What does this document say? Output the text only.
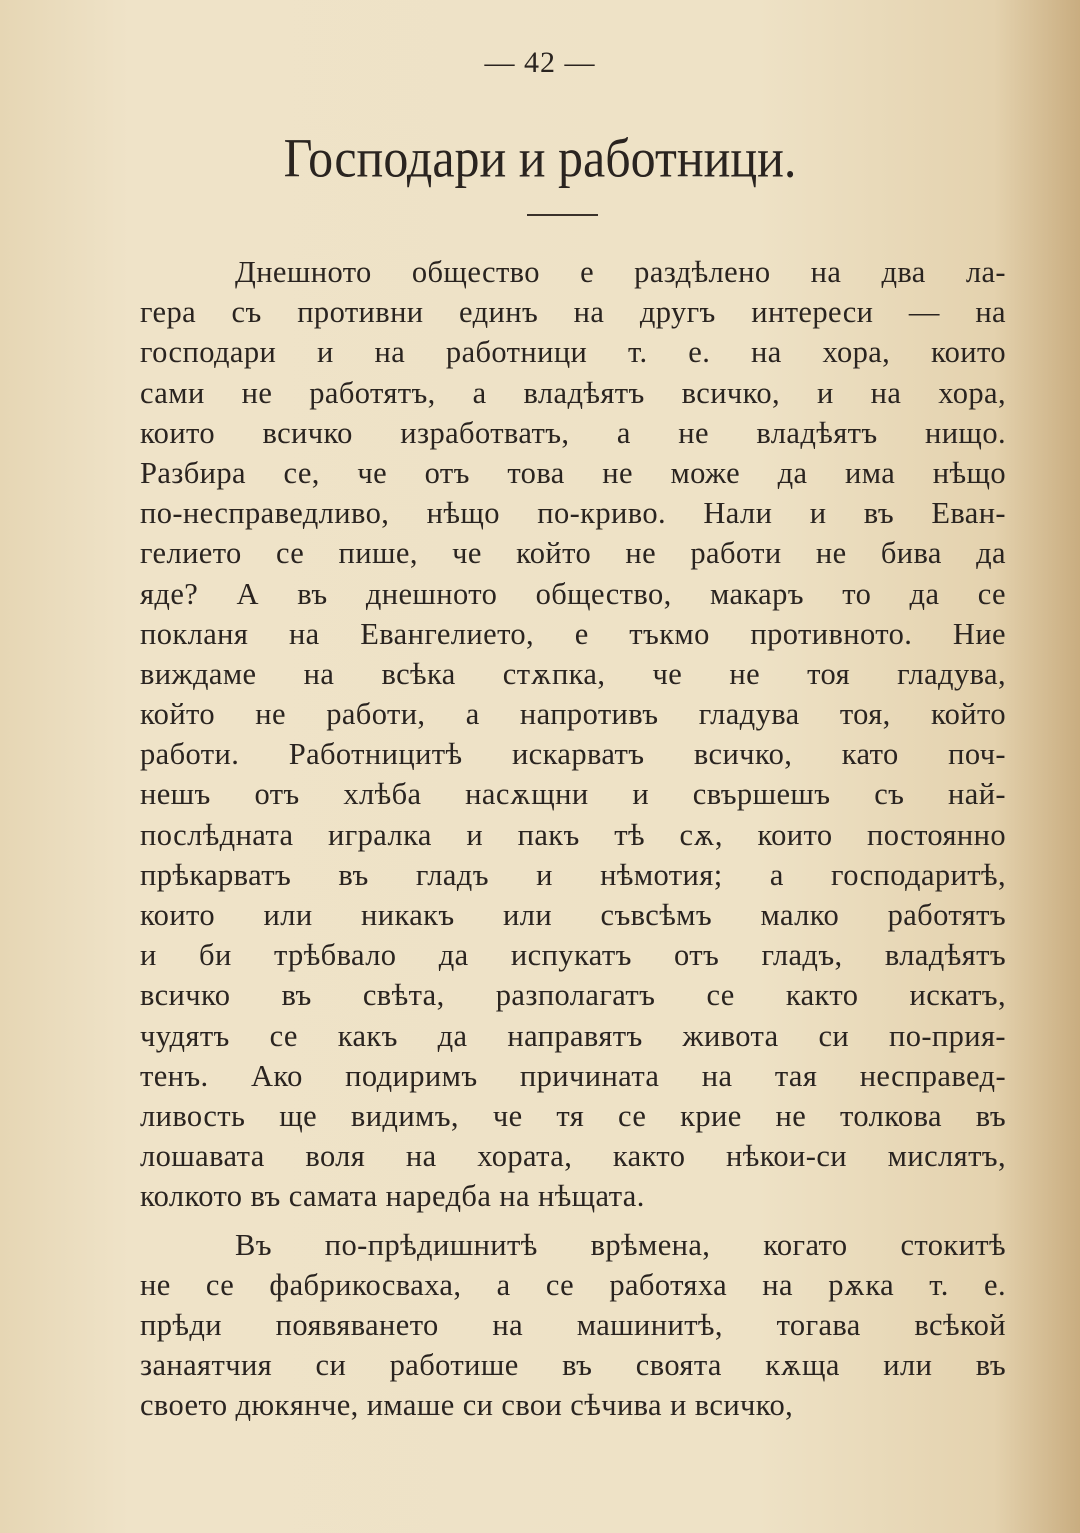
— 42 —
Господари и работници.
Днешното общество е раздѣлено на два ла-
гера съ противни единъ на другъ интереси — на
господари и на работници т. е. на хора, които
сами не работятъ, а владѣятъ всичко, и на хора,
които всичко изработватъ, а не владѣятъ нищо.
Разбира се, че отъ това не може да има нѣщо
по-несправедливо, нѣщо по-криво. Нали и въ Еван-
гелието се пише, че който не работи не бива да
яде? А въ днешното общество, макаръ то да се
покланя на Евангелието, е тъкмо противното. Ние
виждаме на всѣка стѫпка, че не тоя гладува,
който не работи, а напротивъ гладува тоя, който
работи. Работницитѣ искарватъ всичко, като поч-
нешъ отъ хлѣба насѫщни и свършешъ съ най-
послѣдната игралка и пакъ тѣ сѫ, които постоянно
прѣкарватъ въ гладъ и нѣмотия; а господаритѣ,
които или никакъ или съвсѣмъ малко работятъ
и би трѣбвало да испукатъ отъ гладъ, владѣятъ
всичко въ свѣта, разполагатъ се както искатъ,
чудятъ се какъ да направятъ живота си по-прия-
тенъ. Ако подиримъ причината на тая несправед-
ливость ще видимъ, че тя се крие не толкова въ
лошавата воля на хората, както нѣкои-си мислятъ,
колкото въ самата наредба на нѣщата.
Въ по-прѣдишнитѣ врѣмена, когато стокитѣ
не се фабрикосваха, а се работяха на рѫка т. е.
прѣди появяването на машинитѣ, тогава всѣкой
занаятчия си работише въ своята кѫща или въ
своето дюкянче, имаше си свои сѣчива и всичко,
